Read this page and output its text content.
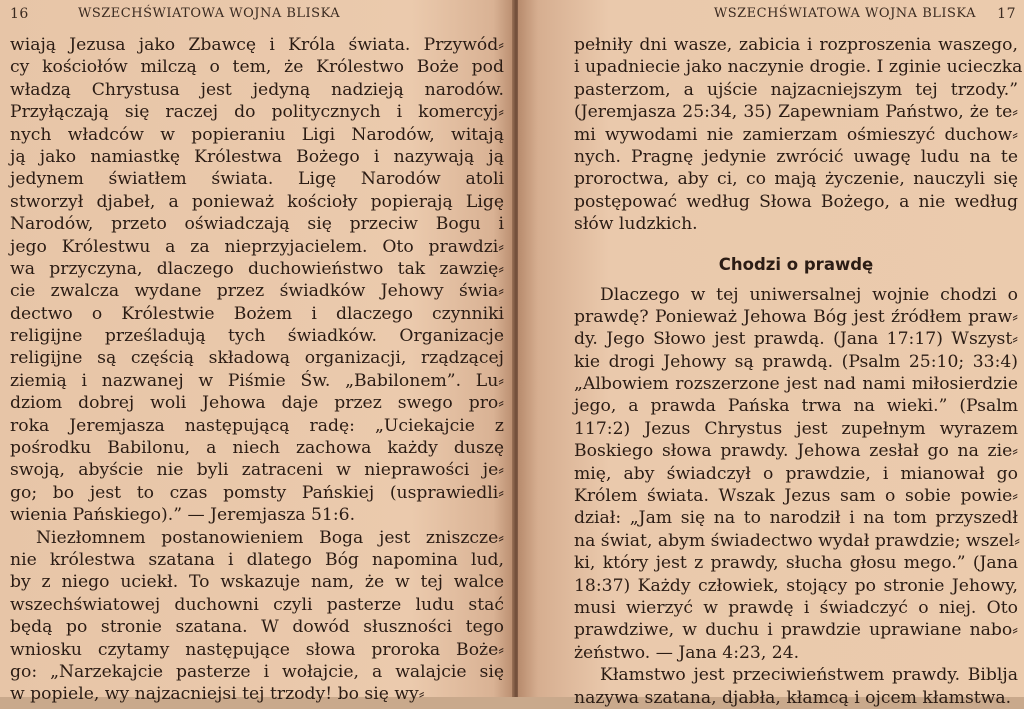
16	WSZECHŚWIATOWA WOJNA BLISKA
wiają Jezusa jako Zbawcę i Króla świata. Przywód⸗
cy kościołów milczą o tem, że Królestwo Boże pod
władzą Chrystusa jest jedyną nadzieją narodów.
Przyłączają się raczej do politycznych i komercyj⸗
nych władców w popieraniu Ligi Narodów, witają
ją jako namiastkę Królestwa Bożego i nazywają ją
jedynem światłem świata. Ligę Narodów atoli
stworzył djabeł, a ponieważ kościoły popierają Ligę
Narodów, przeto oświadczają się przeciw Bogu i
jego Królestwu a za nieprzyjacielem. Oto prawdzi⸗
wa przyczyna, dlaczego duchowieństwo tak zawzię⸗
cie zwalcza wydane przez świadków Jehowy świa⸗
dectwo o Królestwie Bożem i dlaczego czynniki
religijne prześladują tych świadków. Organizacje
religijne są częścią składową organizacji, rządzącej
ziemią i nazwanej w Piśmie Św. „Babilonem”. Lu⸗
dziom dobrej woli Jehowa daje przez swego pro⸗
roka Jeremjasza następującą radę: „Uciekajcie z
pośrodku Babilonu, a niech zachowa każdy duszę
swoją, abyście nie byli zatraceni w nieprawości je⸗
go; bo jest to czas pomsty Pańskiej (usprawiedli⸗
wienia Pańskiego).” — Jeremjasza 51:6.
Niezłomnem postanowieniem Boga jest zniszcze⸗
nie królestwa szatana i dlatego Bóg napomina lud,
by z niego uciekł. To wskazuje nam, że w tej walce
wszechświatowej duchowni czyli pasterze ludu stać
będą po stronie szatana. W dowód słuszności tego
wniosku czytamy następujące słowa proroka Boże⸗
go: „Narzekajcie pasterze i wołajcie, a walajcie się
w popiele, wy najzacniejsi tej trzody! bo się wy⸗
WSZECHŚWIATOWA WOJNA BLISKA 17
pełniły dni wasze, zabicia i rozproszenia waszego,
i upadniecie jako naczynie drogie. I zginie ucieczka
pasterzom, a ujście najzacniejszym tej trzody.”
(Jeremjasza 25:34, 35) Zapewniam Państwo, że te⸗
mi wywodami nie zamierzam ośmieszyć duchow⸗
nych. Pragnę jedynie zwrócić uwagę ludu na te
proroctwa, aby ci, co mają życzenie, nauczyli się
postępować według Słowa Bożego, a nie według
słów ludzkich.
Chodzi o prawdę
Dlaczego w tej uniwersalnej wojnie chodzi o
prawdę? Ponieważ Jehowa Bóg jest źródłem praw⸗
dy. Jego Słowo jest prawdą. (Jana 17:17) Wszyst⸗
kie drogi Jehowy są prawdą. (Psalm 25:10; 33:4)
„Albowiem rozszerzone jest nad nami miłosierdzie
jego, a prawda Pańska trwa na wieki.” (Psalm
117:2) Jezus Chrystus jest zupełnym wyrazem
Boskiego słowa prawdy. Jehowa zesłał go na zie⸗
mię, aby świadczył o prawdzie, i mianował go
Królem świata. Wszak Jezus sam o sobie powie⸗
dział: „Jam się na to narodził i na tom przyszedł
na świat, abym świadectwo wydał prawdzie; wszel⸗
ki, który jest z prawdy, słucha głosu mego.” (Jana
18:37) Każdy człowiek, stojący po stronie Jehowy,
musi wierzyć w prawdę i świadczyć o niej. Oto
prawdziwe, w duchu i prawdzie uprawiane nabo⸗
żeństwo. — Jana 4:23, 24.
Kłamstwo jest przeciwieństwem prawdy. Biblja
nazywa szatana, djabła, kłamcą i ojcem kłamstwa.
